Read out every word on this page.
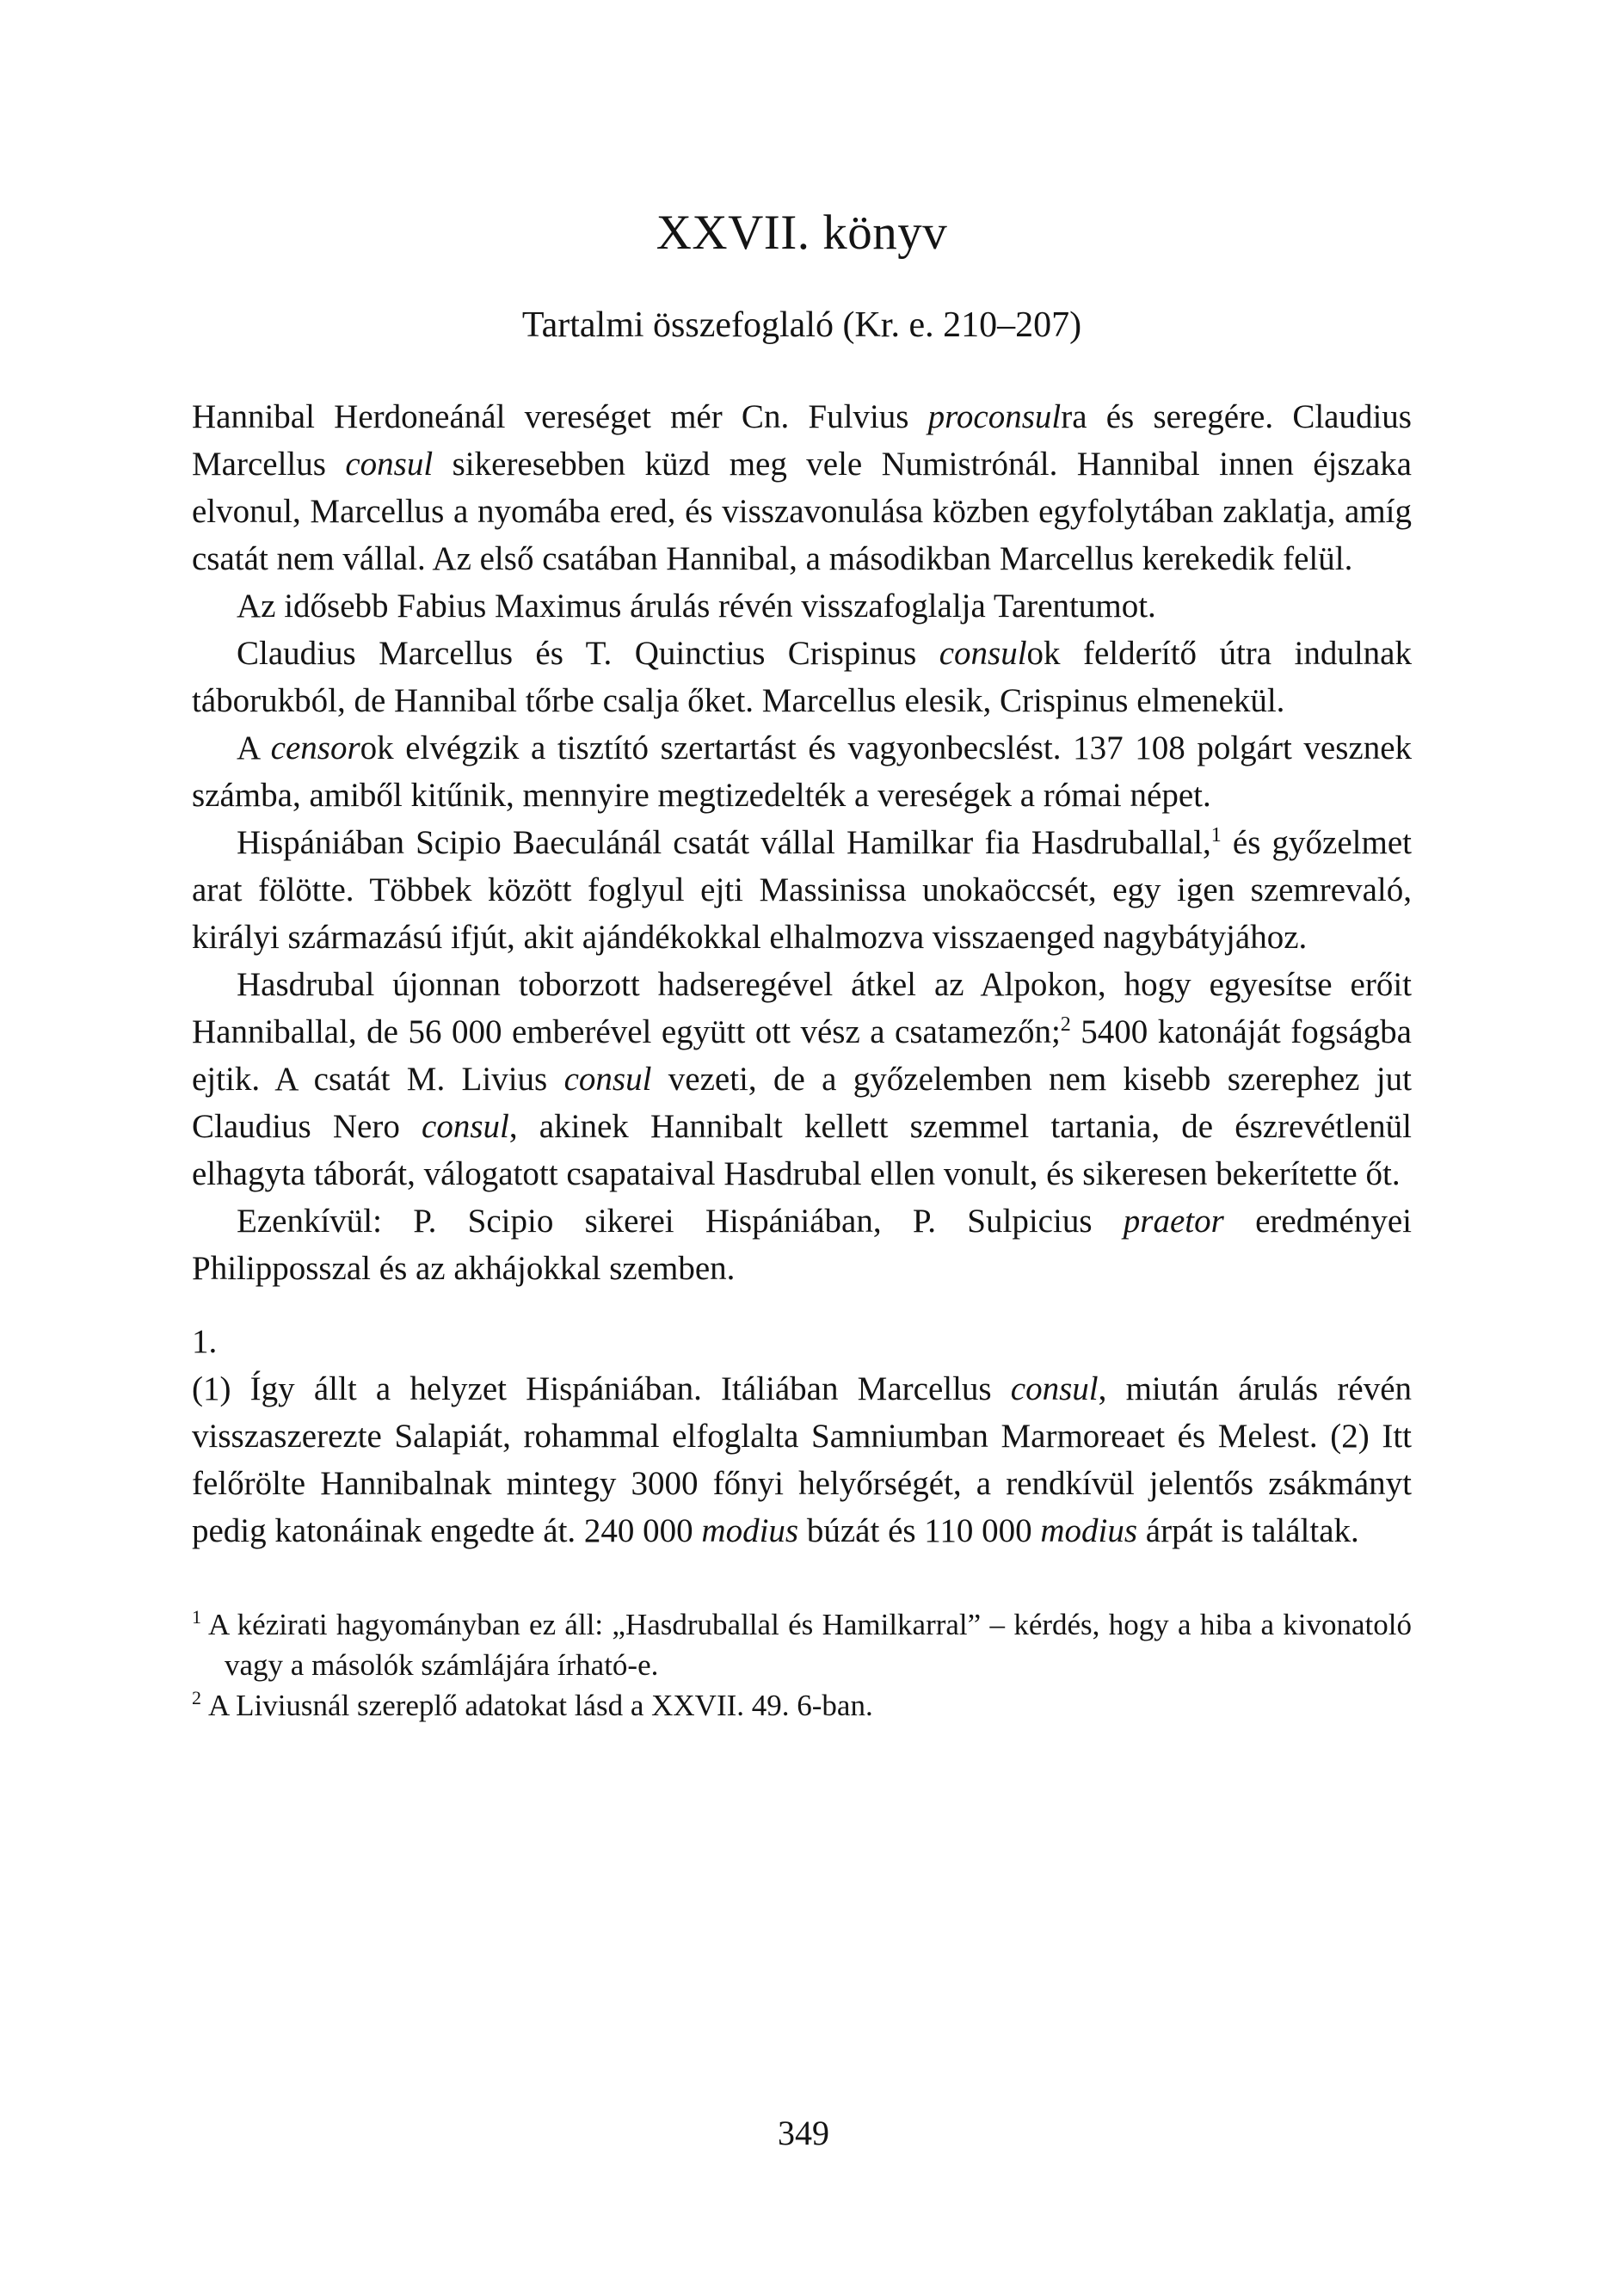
XXVII. könyv
Tartalmi összefoglaló (Kr. e. 210–207)

Hannibal Herdoneánál vereséget mér Cn. Fulvius proconsulra és seregére. Claudius Marcellus consul sikeresebben küzd meg vele Numistrónál. Hannibal innen éjszaka elvonul, Marcellus a nyomába ered, és visszavonulása közben egyfolytában zaklatja, amíg csatát nem vállal. Az első csatában Hannibal, a másodikban Marcellus kerekedik felül.

Az idősebb Fabius Maximus árulás révén visszafoglalja Tarentumot.

Claudius Marcellus és T. Quinctius Crispinus consulok felderítő útra indulnak táborukból, de Hannibal tőrbe csalja őket. Marcellus elesik, Crispinus elmenekül.

A censorok elvégzik a tisztító szertartást és vagyonbecslést. 137 108 polgárt vesznek számba, amiből kitűnik, mennyire megtizedelték a vereségek a római népet.

Hispániában Scipio Baeculánál csatát vállal Hamilkar fia Hasdruballal,$^1$ és győzelmet arat fölötte. Többek között foglyul ejti Massinissa unokaöccsét, egy igen szemrevaló, királyi származású ifjút, akit ajándékokkal elhalmozva visszaenged nagybátyjához.

Hasdrubal újonnan toborzott hadseregével átkel az Alpokon, hogy egyesítse erőit Hanniballal, de 56 000 emberével együtt ott vész a csatamezőn;$^2$ 5400 katonáját fogságba ejtik. A csatát M. Livius consul vezeti, de a győzelemben nem kisebb szerephez jut Claudius Nero consul, akinek Hannibalt kellett szemmel tartania, de észrevétlenül elhagyta táborát, válogatott csapataival Hasdrubal ellen vonult, és sikeresen bekerítette őt.

Ezenkívül: P. Scipio sikerei Hispániában, P. Sulpicius praetor eredményei Philipposszal és az akhájokkal szemben.

1.

(1) Így állt a helyzet Hispániában. Itáliában Marcellus consul, miután árulás révén visszaszerezte Salapiát, rohammal elfoglalta Samniumban Marmoreaet és Melest. (2) Itt felőrölte Hannibalnak mintegy 3000 főnyi helyőrségét, a rendkívül jelentős zsákmányt pedig katonáinak engedte át. 240 000 modius búzát és 110 000 modius árpát is találtak.

$^1$ A kézirati hagyományban ez áll: „Hasdruballal és Hamilkarral” – kérdés, hogy a hiba a kivonatoló vagy a másolók számlájára írható-e.

$^2$ A Liviusnál szereplő adatokat lásd a XXVII. 49. 6-ban.

349
